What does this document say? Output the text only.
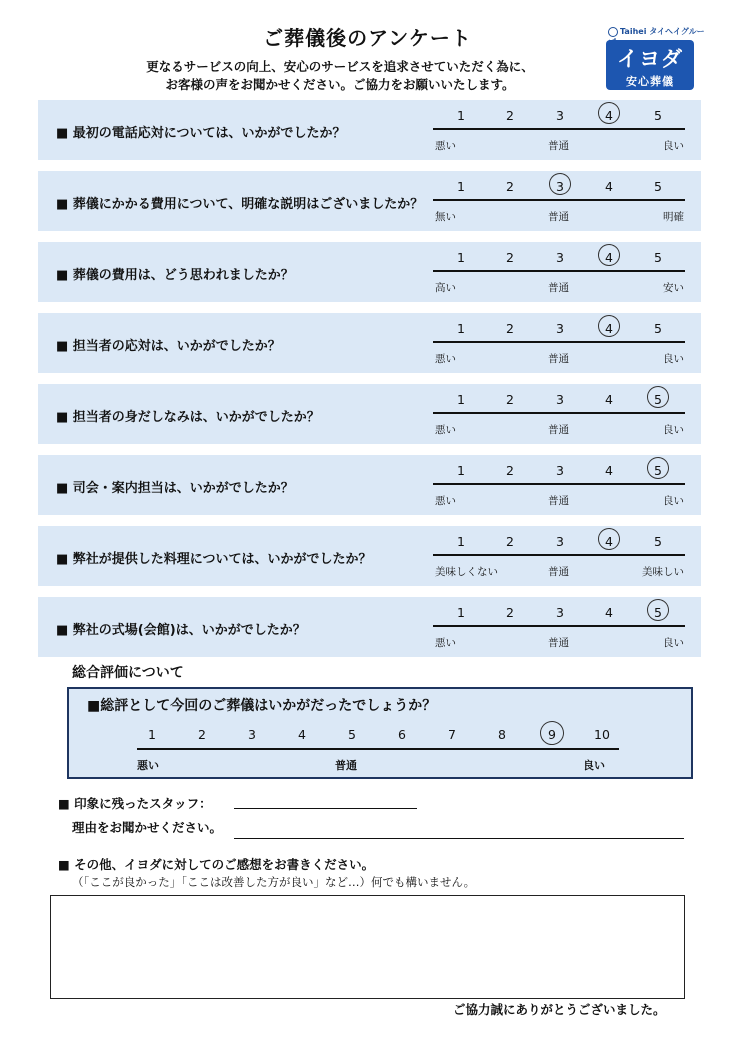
ご葬儀後のアンケート
更なるサービスの向上、安心のサービスを追求させていただく為に、
お客様の声をお聞かせください。ご協力をお願いいたします。
Taihei タイヘイグルー
イヨダ
安心葬儀
■ 最初の電話応対については、いかがでしたか？
1	2	3	4	5
悪い	普通	良い
■ 葬儀にかかる費用について、明確な説明はございましたか？
1	2	3	4	5
無い	普通	明確
■ 葬儀の費用は、どう思われましたか？
1	2	3	4	5
高い	普通	安い
■ 担当者の応対は、いかがでしたか？
1	2	3	4	5
悪い	普通	良い
■ 担当者の身だしなみは、いかがでしたか？
1	2	3	4	5
悪い	普通	良い
■ 司会・案内担当は、いかがでしたか？
1	2	3	4	5
悪い	普通	良い
■ 弊社が提供した料理については、いかがでしたか？
1	2	3	4	5
美味しくない	普通	美味しい
■ 弊社の式場(会館)は、いかがでしたか？
1	2	3	4	5
悪い	普通	良い
総合評価について
■総評として今回のご葬儀はいかがだったでしょうか？
悪い	普通	良い
1	2	3	4	5	6	7	8	9	10
■ 印象に残ったスタッフ：
理由をお聞かせください。
■ その他、イヨダに対してのご感想をお書きください。
（「ここが良かった」「ここは改善した方が良い」など…）何でも構いません。
ご協力誠にありがとうございました。
